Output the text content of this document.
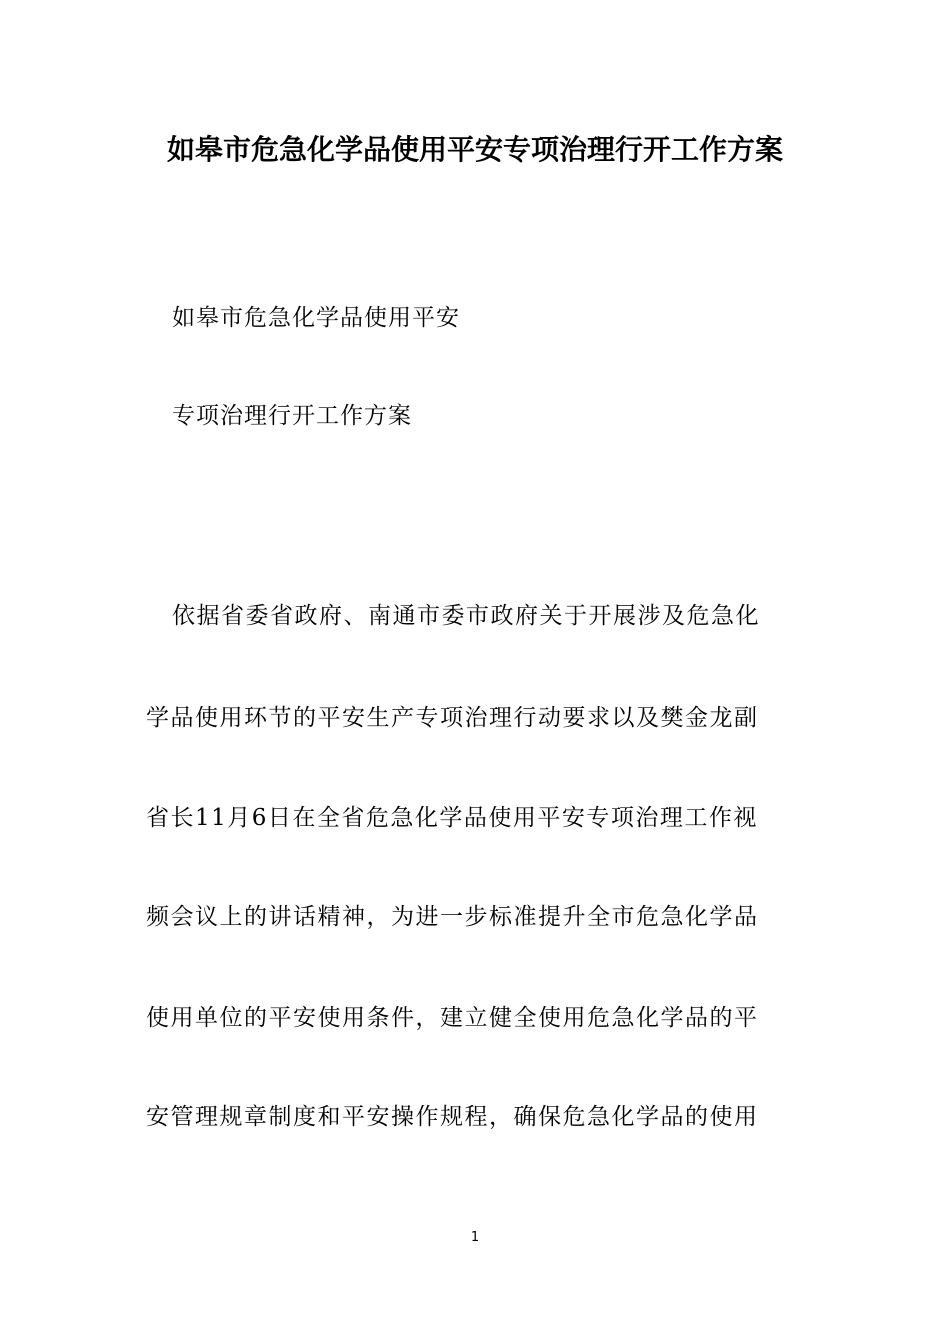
如皋市危急化学品使用平安专项治理行开工作方案
如皋市危急化学品使用平安
专项治理行开工作方案
依据省委省政府、南通市委市政府关于开展涉及危急化
学品使用环节的平安生产专项治理行动要求以及樊金龙副
省长11月6日在全省危急化学品使用平安专项治理工作视
频会议上的讲话精神，为进一步标准提升全市危急化学品
使用单位的平安使用条件，建立健全使用危急化学品的平
安管理规章制度和平安操作规程，确保危急化学品的使用
1
